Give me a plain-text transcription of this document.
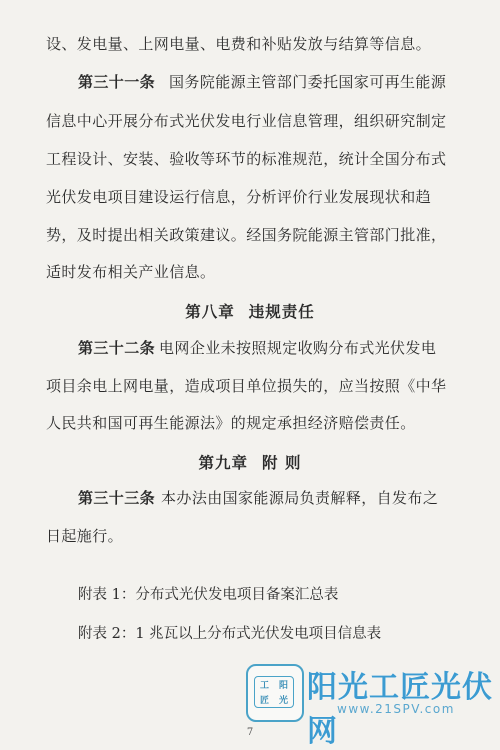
设、发电量、上网电量、电费和补贴发放与结算等信息。
第三十一条 国务院能源主管部门委托国家可再生能源
信息中心开展分布式光伏发电行业信息管理，组织研究制定
工程设计、安装、验收等环节的标准规范，统计全国分布式
光伏发电项目建设运行信息，分析评价行业发展现状和趋
势，及时提出相关政策建议。经国务院能源主管部门批准，
适时发布相关产业信息。
第八章 违规责任
第三十二条 电网企业未按照规定收购分布式光伏发电
项目余电上网电量，造成项目单位损失的，应当按照《中华
人民共和国可再生能源法》的规定承担经济赔偿责任。
第九章 附 则
第三十三条 本办法由国家能源局负责解释，自发布之
日起施行。
附表 1：分布式光伏发电项目备案汇总表
附表 2：1 兆瓦以上分布式光伏发电项目信息表
7
工	阳
匠	光 阳光工匠光伏网
www.21SPV.com
